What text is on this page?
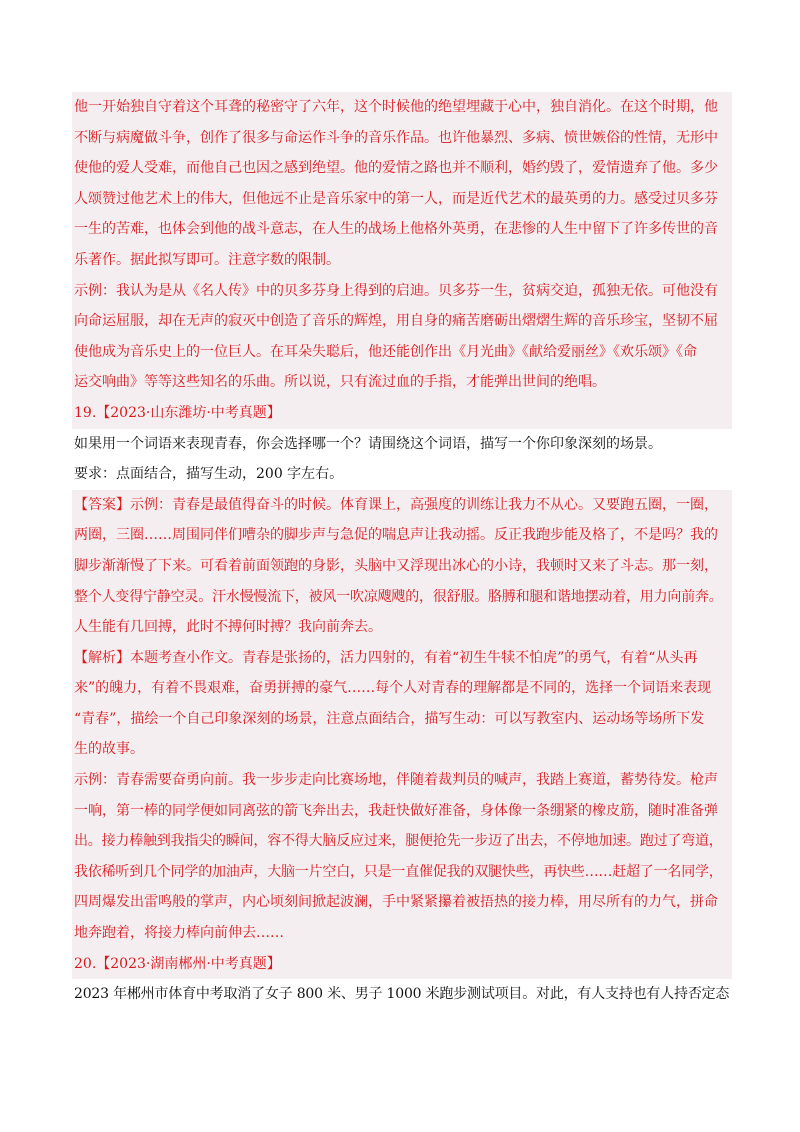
他一开始独自守着这个耳聋的秘密守了六年，这个时候他的绝望埋藏于心中，独自消化。在这个时期，他
不断与病魔做斗争，创作了很多与命运作斗争的音乐作品。也许他暴烈、多病、愤世嫉俗的性情，无形中
使他的爱人受难，而他自己也因之感到绝望。他的爱情之路也并不顺利，婚约毁了，爱情遗弃了他。多少
人颂赞过他艺术上的伟大，但他远不止是音乐家中的第一人，而是近代艺术的最英勇的力。感受过贝多芬
一生的苦难，也体会到他的战斗意志，在人生的战场上他格外英勇，在悲惨的人生中留下了许多传世的音
乐著作。据此拟写即可。注意字数的限制。
示例：我认为是从《名人传》中的贝多芬身上得到的启迪。贝多芬一生，贫病交迫，孤独无依。可他没有
向命运屈服，却在无声的寂灭中创造了音乐的辉煌，用自身的痛苦磨砺出熠熠生辉的音乐珍宝，坚韧不屈
使他成为音乐史上的一位巨人。在耳朵失聪后，他还能创作出《月光曲》《献给爱丽丝》《欢乐颂》《命
运交响曲》等等这些知名的乐曲。所以说，只有流过血的手指，才能弹出世间的绝唱。
19.【2023·山东潍坊·中考真题】
如果用一个词语来表现青春，你会选择哪一个？请围绕这个词语，描写一个你印象深刻的场景。
要求：点面结合，描写生动，200 字左右。
【答案】示例：青春是最值得奋斗的时候。体育课上，高强度的训练让我力不从心。又要跑五圈，一圈，
两圈，三圈……周围同伴们嘈杂的脚步声与急促的喘息声让我动摇。反正我跑步能及格了，不是吗？我的
脚步渐渐慢了下来。可看着前面领跑的身影，头脑中又浮现出冰心的小诗，我顿时又来了斗志。那一刻，
整个人变得宁静空灵。汗水慢慢流下，被风一吹凉飕飕的，很舒服。胳膊和腿和谐地摆动着，用力向前奔。
人生能有几回搏，此时不搏何时搏？我向前奔去。
【解析】本题考查小作文。青春是张扬的，活力四射的，有着“初生牛犊不怕虎”的勇气，有着“从头再
来”的魄力，有着不畏艰难，奋勇拼搏的豪气……每个人对青春的理解都是不同的，选择一个词语来表现
“青春”，描绘一个自己印象深刻的场景，注意点面结合，描写生动：可以写教室内、运动场等场所下发
生的故事。
示例：青春需要奋勇向前。我一步步走向比赛场地，伴随着裁判员的喊声，我踏上赛道，蓄势待发。枪声
一响，第一棒的同学便如同离弦的箭飞奔出去，我赶快做好准备，身体像一条绷紧的橡皮筋，随时准备弹
出。接力棒触到我指尖的瞬间，容不得大脑反应过来，腿便抢先一步迈了出去，不停地加速。跑过了弯道，
我依稀听到几个同学的加油声，大脑一片空白，只是一直催促我的双腿快些，再快些……赶超了一名同学，
四周爆发出雷鸣般的掌声，内心顷刻间掀起波澜，手中紧紧攥着被捂热的接力棒，用尽所有的力气，拼命
地奔跑着，将接力棒向前伸去……
20.【2023·湖南郴州·中考真题】
2023 年郴州市体育中考取消了女子 800 米、男子 1000 米跑步测试项目。对此，有人支持也有人持否定态
